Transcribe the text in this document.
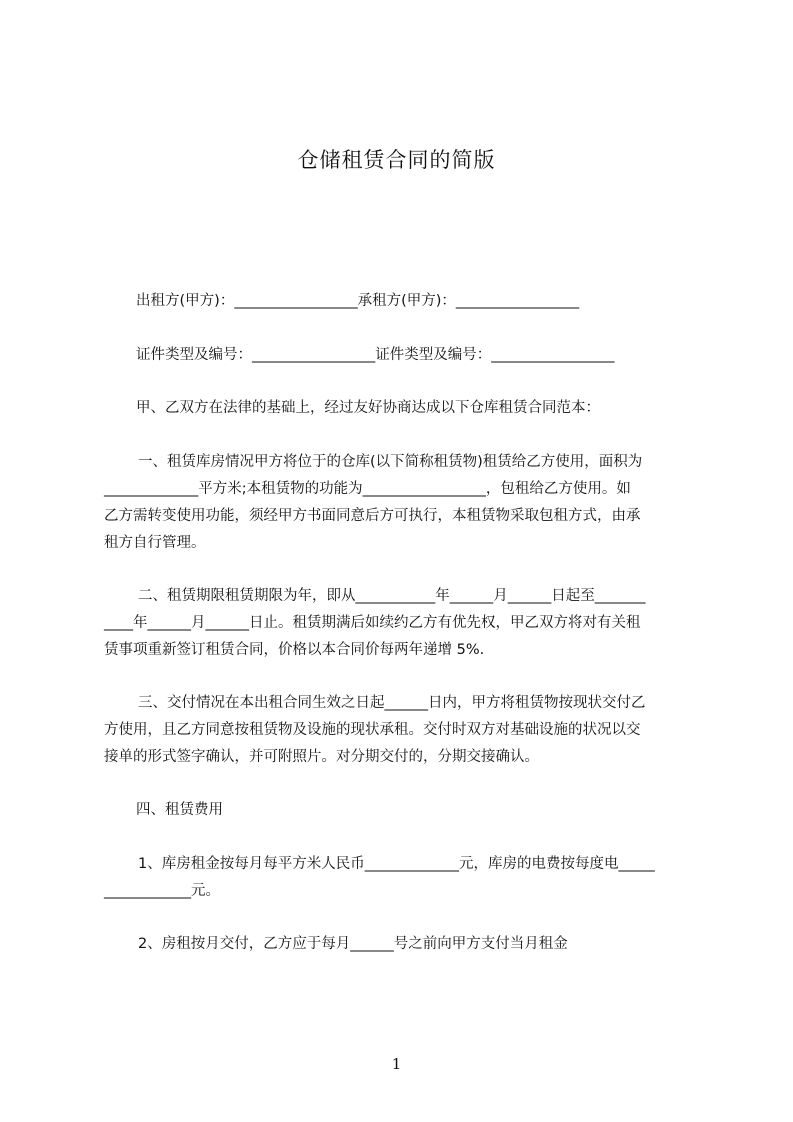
仓储租赁合同的简版
出租方(甲方)：_________________承租方(甲方)：_________________
证件类型及编号：_________________证件类型及编号：_________________
甲、乙双方在法律的基础上，经过友好协商达成以下仓库租赁合同范本：
一、租赁库房情况甲方将位于的仓库(以下简称租赁物)租赁给乙方使用，面积为
_____________平方米;本租赁物的功能为_________________，包租给乙方使用。如
乙方需转变使用功能，须经甲方书面同意后方可执行，本租赁物采取包租方式，由承
租方自行管理。
二、租赁期限租赁期限为年，即从___________年______月______日起至_______
____年______月______日止。租赁期满后如续约乙方有优先权，甲乙双方将对有关租
赁事项重新签订租赁合同，价格以本合同价每两年递增 5%.
三、交付情况在本出租合同生效之日起______日内，甲方将租赁物按现状交付乙
方使用，且乙方同意按租赁物及设施的现状承租。交付时双方对基础设施的状况以交
接单的形式签字确认，并可附照片。对分期交付的，分期交接确认。
四、租赁费用
1、库房租金按每月每平方米人民币_____________元，库房的电费按每度电_____
____________元。
2、房租按月交付，乙方应于每月______号之前向甲方支付当月租金
1
